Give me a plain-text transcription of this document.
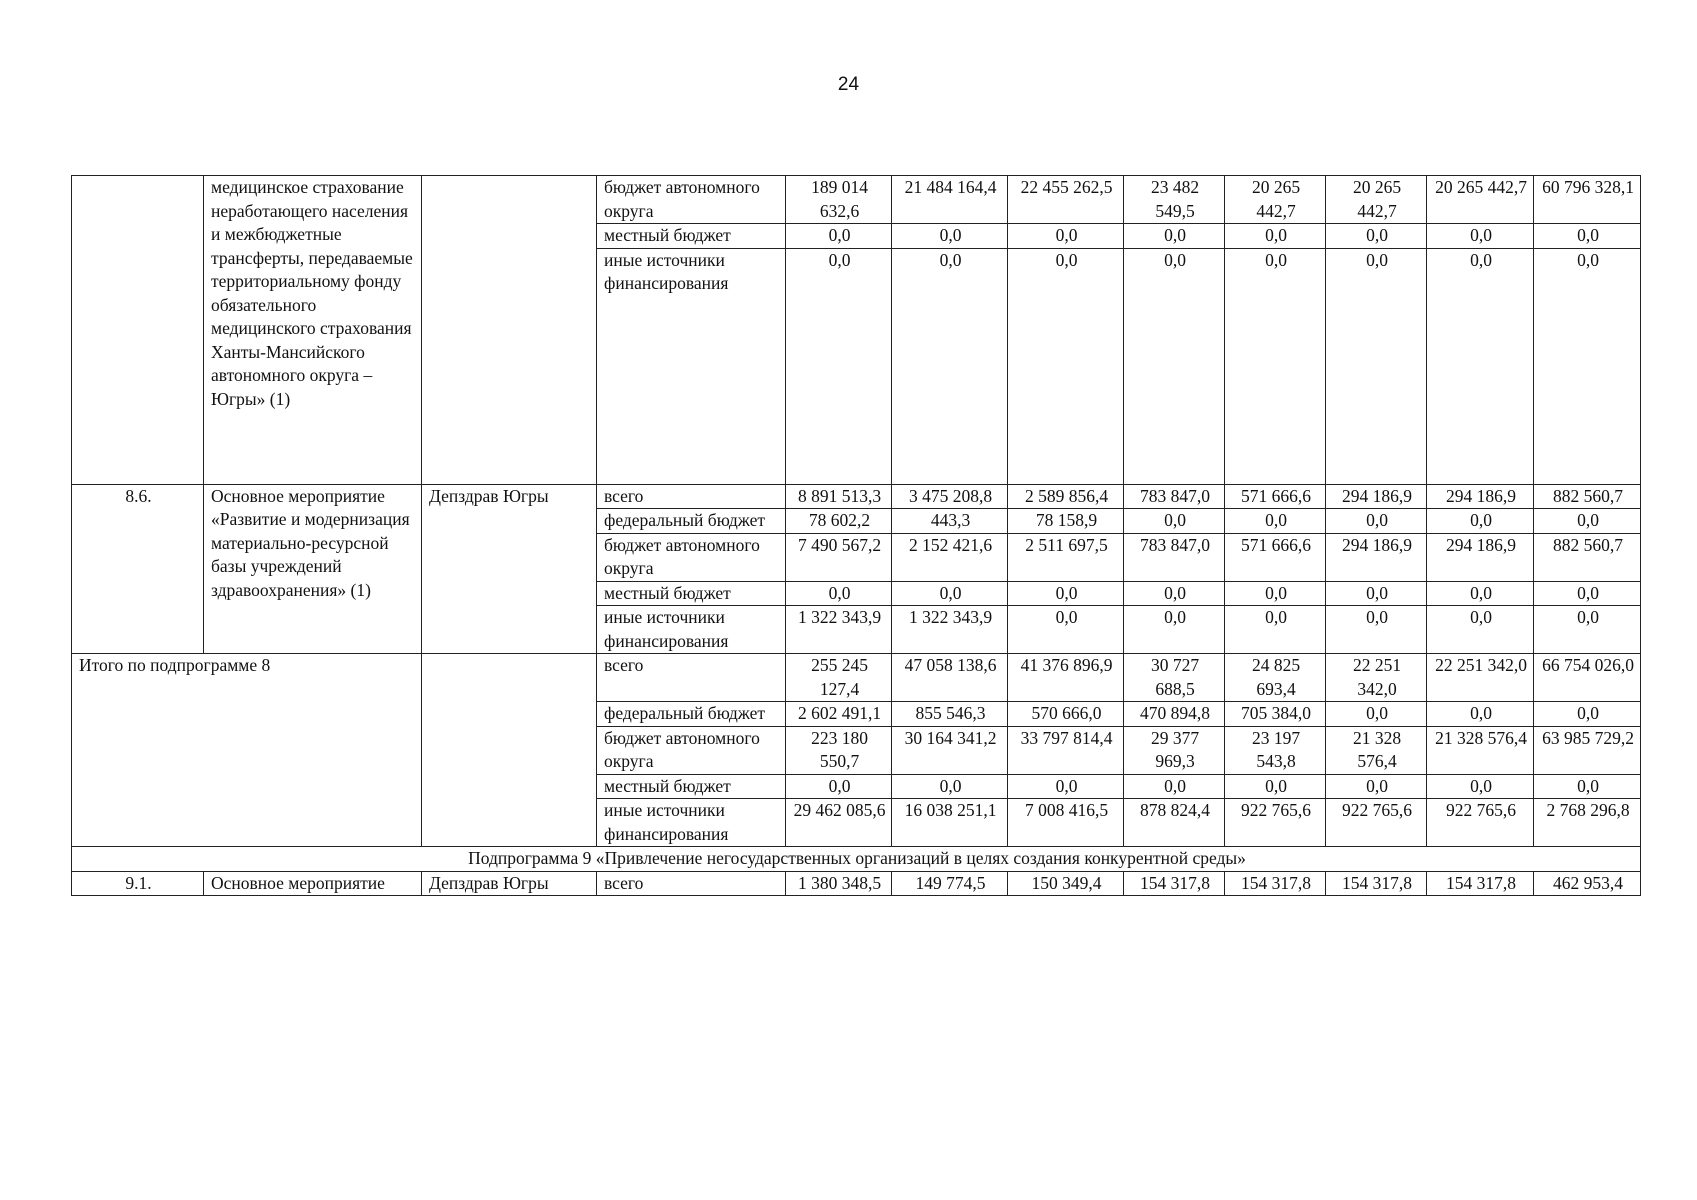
24
	медицинское страхование неработающего населения и межбюджетные трансферты, передаваемые территориальному фонду обязательного медицинского страхования Ханты-Мансийского автономного округа – Югры» (1)		бюджет автономного округа	189 014 632,6	21 484 164,4	22 455 262,5	23 482 549,5	20 265 442,7	20 265 442,7	20 265 442,7	60 796 328,1
			местный бюджет	0,0	0,0	0,0	0,0	0,0	0,0	0,0	0,0
			иные источники финансирования	0,0	0,0	0,0	0,0	0,0	0,0	0,0	0,0
8.6.	Основное мероприятие «Развитие и модернизация материально-ресурсной базы учреждений здравоохранения» (1)	Депздрав Югры	всего	8 891 513,3	3 475 208,8	2 589 856,4	783 847,0	571 666,6	294 186,9	294 186,9	882 560,7
			федеральный бюджет	78 602,2	443,3	78 158,9	0,0	0,0	0,0	0,0	0,0
			бюджет автономного округа	7 490 567,2	2 152 421,6	2 511 697,5	783 847,0	571 666,6	294 186,9	294 186,9	882 560,7
			местный бюджет	0,0	0,0	0,0	0,0	0,0	0,0	0,0	0,0
			иные источники финансирования	1 322 343,9	1 322 343,9	0,0	0,0	0,0	0,0	0,0	0,0
Итого по подпрограмме 8			всего	255 245 127,4	47 058 138,6	41 376 896,9	30 727 688,5	24 825 693,4	22 251 342,0	22 251 342,0	66 754 026,0
			федеральный бюджет	2 602 491,1	855 546,3	570 666,0	470 894,8	705 384,0	0,0	0,0	0,0
			бюджет автономного округа	223 180 550,7	30 164 341,2	33 797 814,4	29 377 969,3	23 197 543,8	21 328 576,4	21 328 576,4	63 985 729,2
			местный бюджет	0,0	0,0	0,0	0,0	0,0	0,0	0,0	0,0
			иные источники финансирования	29 462 085,6	16 038 251,1	7 008 416,5	878 824,4	922 765,6	922 765,6	922 765,6	2 768 296,8
Подпрограмма 9 «Привлечение негосударственных организаций в целях создания конкурентной среды»											
9.1.	Основное мероприятие	Депздрав Югры	всего	1 380 348,5	149 774,5	150 349,4	154 317,8	154 317,8	154 317,8	154 317,8	462 953,4
